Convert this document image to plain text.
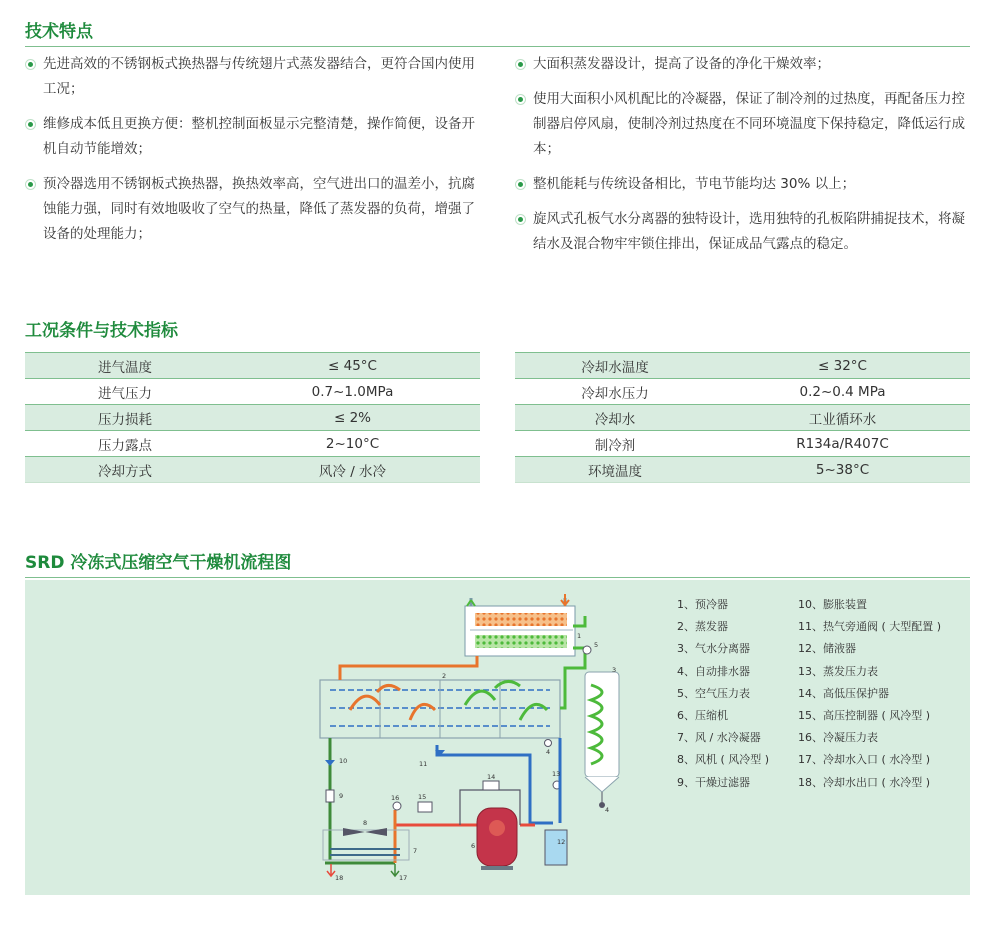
技术特点
先进高效的不锈钢板式换热器与传统翅片式蒸发器结合，更符合国内使用工况；
维修成本低且更换方便：整机控制面板显示完整清楚，操作简便，设备开机自动节能增效；
预冷器选用不锈钢板式换热器，换热效率高，空气进出口的温差小，抗腐蚀能力强，同时有效地吸收了空气的热量，降低了蒸发器的负荷，增强了设备的处理能力；
大面积蒸发器设计，提高了设备的净化干燥效率；
使用大面积小风机配比的冷凝器，保证了制冷剂的过热度，再配备压力控制器启停风扇，使制冷剂过热度在不同环境温度下保持稳定，降低运行成本；
整机能耗与传统设备相比，节电节能均达 30% 以上；
旋风式孔板气水分离器的独特设计，选用独特的孔板陷阱捕捉技术，将凝结水及混合物牢牢锁住排出，保证成品气露点的稳定。
工况条件与技术指标
进气温度	≤ 45°C
进气压力	0.7~1.0MPa
压力损耗	≤ 2%
压力露点	2~10°C
冷却方式	风冷 / 水冷
冷却水温度	≤ 32°C
冷却水压力	0.2~0.4 MPa
冷却水	工业循环水
制冷剂	R134a/R407C
环境温度	5~38°C
SRD 冷冻式压缩空气干燥机流程图
1
2
3
4
4
5
6
7
8
9
10	11
12
13
14
15
16
17
18
1、预冷器
2、蒸发器
3、气水分离器
4、自动排水器
5、空气压力表
6、压缩机
7、风 / 水冷凝器
8、风机 ( 风冷型 )
9、干燥过滤器
10、膨胀装置
11、热气旁通阀 ( 大型配置 )
12、储液器
13、蒸发压力表
14、高低压保护器
15、高压控制器 ( 风冷型 )
16、冷凝压力表
17、冷却水入口 ( 水冷型 )
18、冷却水出口 ( 水冷型 )
